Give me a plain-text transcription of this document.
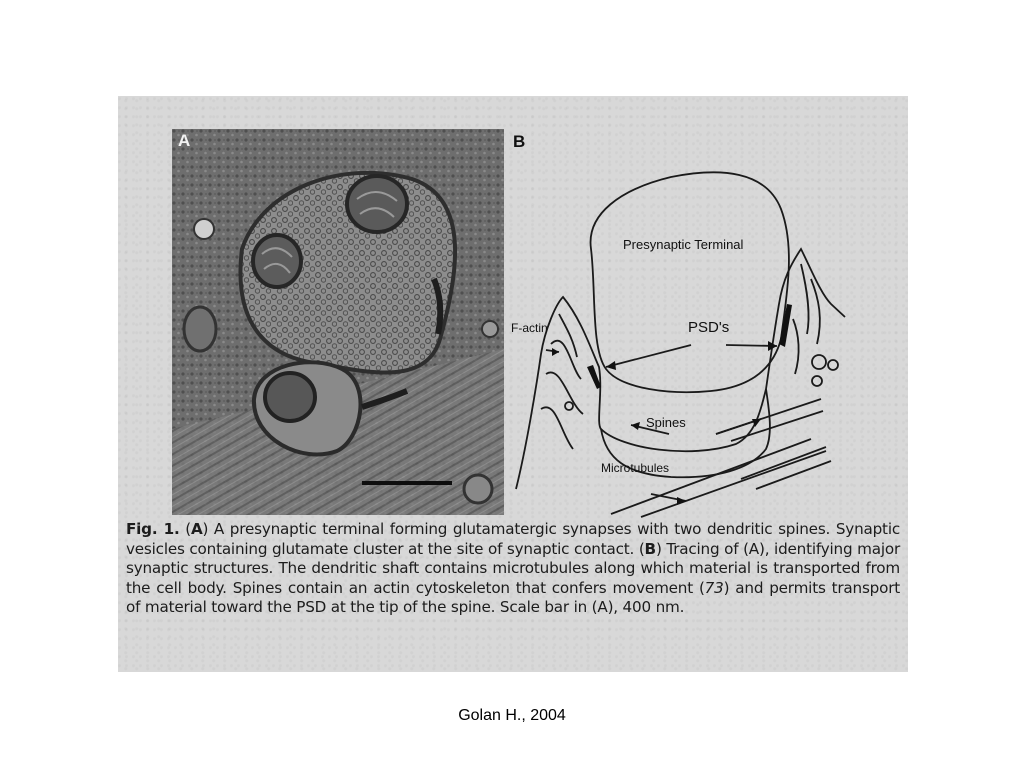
A	B
Presynaptic Terminal
F-actin	PSD's
Spines
Microtubules
Fig. 1. (A) A presynaptic terminal forming glutamatergic synapses with two dendritic spines. Synaptic vesicles containing glutamate cluster at the site of synaptic contact. (B) Tracing of (A), identifying major synaptic structures. The dendritic shaft contains microtubules along which material is transported from the cell body. Spines contain an actin cytoskeleton that confers movement (73) and permits transport of material toward the PSD at the tip of the spine. Scale bar in (A), 400 nm.
Golan H., 2004
